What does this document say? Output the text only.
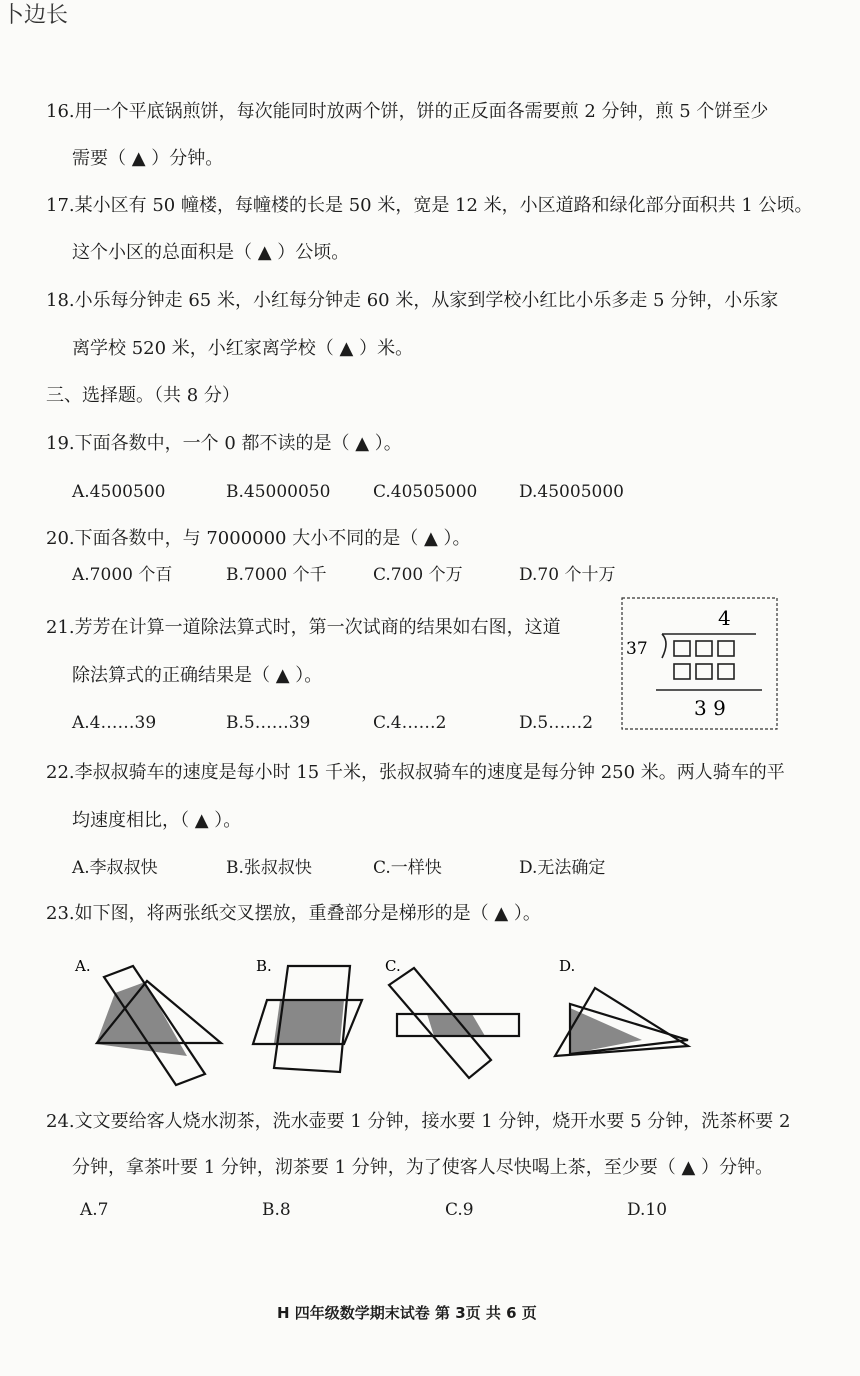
卜边长
16.用一个平底锅煎饼，每次能同时放两个饼，饼的正反面各需要煎 2 分钟，煎 5 个饼至少
需要（ ▲ ）分钟。
17.某小区有 50 幢楼，每幢楼的长是 50 米，宽是 12 米，小区道路和绿化部分面积共 1 公顷。
这个小区的总面积是（ ▲ ）公顷。
18.小乐每分钟走 65 米，小红每分钟走 60 米，从家到学校小红比小乐多走 5 分钟，小乐家
离学校 520 米，小红家离学校（ ▲ ）米。
三、选择题。（共 8 分）
19.下面各数中，一个 0 都不读的是（ ▲ ）。
A.4500500	B.45000050	C.40505000 D.45005000
20.下面各数中，与 7000000 大小不同的是（ ▲ ）。
A.7000 个百	B.7000 个千	C.700 个万	D.70 个十万
21.芳芳在计算一道除法算式时，第一次试商的结果如右图，这道
除法算式的正确结果是（ ▲ ）。
A.4……39	B.5……39	C.4……2	D.5……2
4
37
3 9
22.李叔叔骑车的速度是每小时 15 千米，张叔叔骑车的速度是每分钟 250 米。两人骑车的平
均速度相比，（ ▲ ）。
A.李叔叔快	B.张叔叔快	C.一样快	D.无法确定
23.如下图，将两张纸交叉摆放，重叠部分是梯形的是（ ▲ ）。
A.	B.	C.	D.
24.文文要给客人烧水沏茶，洗水壶要 1 分钟，接水要 1 分钟，烧开水要 5 分钟，洗茶杯要 2
分钟，拿茶叶要 1 分钟，沏茶要 1 分钟，为了使客人尽快喝上茶，至少要（ ▲ ）分钟。
A.7	B.8	C.9	D.10
H 四年级数学期末试卷 第 3页 共 6 页
